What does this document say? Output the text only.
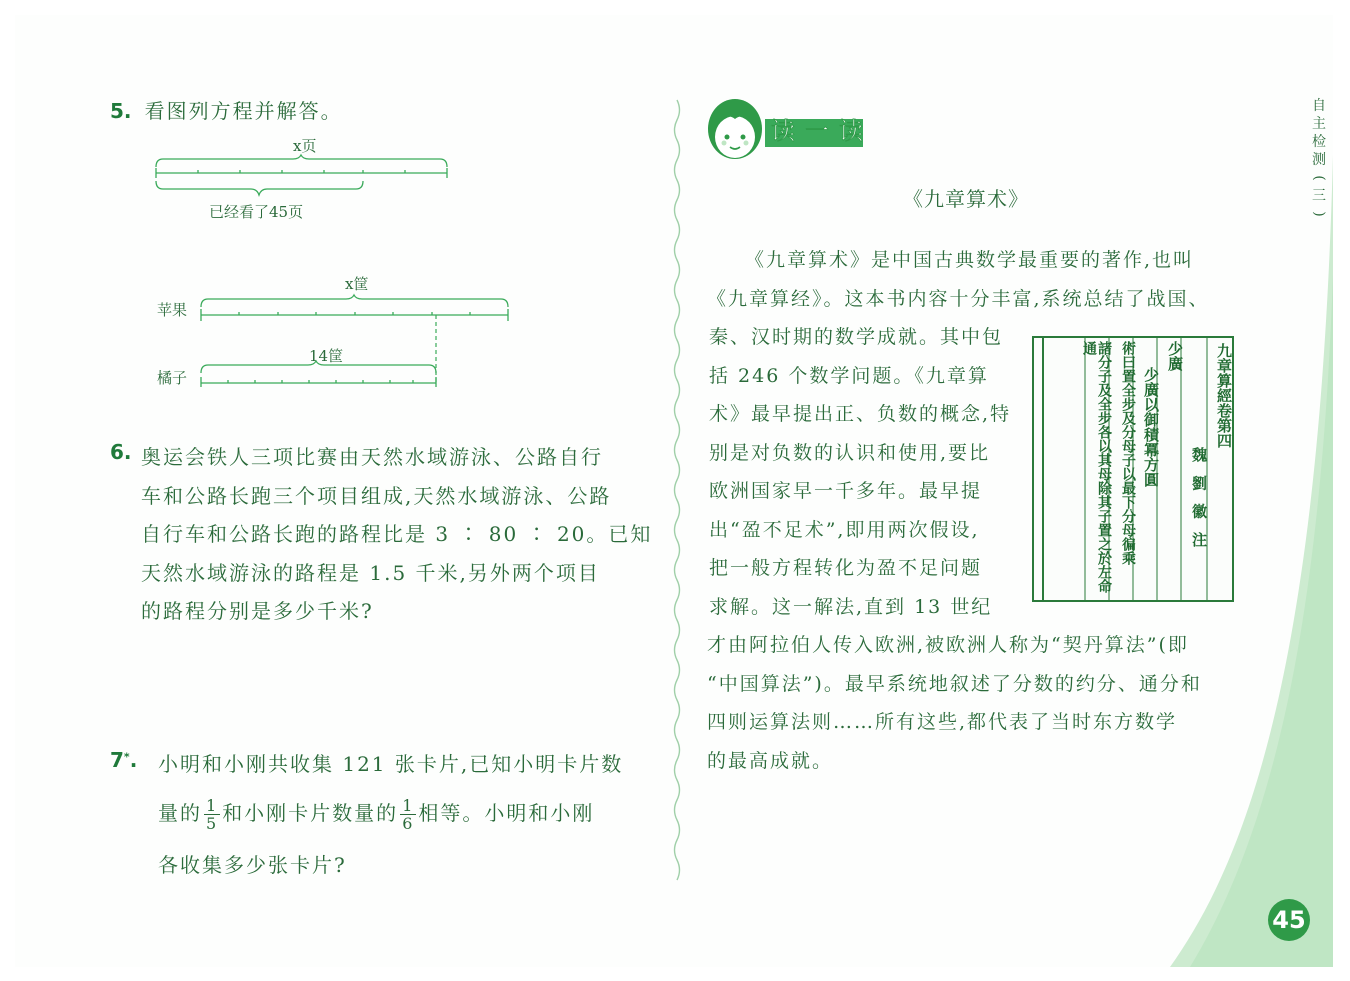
45
自
主
检
测
(
三
)
5. 看图列方程并解答。
x页
已经看了45页
x筐
苹果
14筐
橘子
6. 奥运会铁人三项比赛由天然水域游泳、公路自行
车和公路长跑三个项目组成,天然水域游泳、公路
自行车和公路长跑的路程比是 3 ∶ 80 ∶ 20。已知
天然水域游泳的路程是 1.5 千米,另外两个项目
的路程分别是多少千米?
7*. 小明和小刚共收集 121 张卡片,已知小明卡片数
量的 $\frac{1}{5}$ 和小刚卡片数量的 $\frac{1}{6}$ 相等。小明和小刚
各收集多少张卡片?
读一读
《九章算术》
《九章算术》是中国古典数学最重要的著作,也叫
《九章算经》。这本书内容十分丰富,系统总结了战国、
秦、汉时期的数学成就。其中包
括 246 个数学问题。《九章算
术》最早提出正、负数的概念,特
别是对负数的认识和使用,要比
欧洲国家早一千多年。最早提
出“盈不足术”,即用两次假设,
把一般方程转化为盈不足问题
求解。这一解法,直到 13 世纪
才由阿拉伯人传入欧洲,被欧洲人称为“契丹算法”(即
“中国算法”)。最早系统地叙述了分数的约分、通分和
四则运算法则……所有这些,都代表了当时东方数学
的最高成就。
九章算經卷第四
魏 劉 徽 注
少廣
少廣以御積冪方圓
術曰置全步及分母子以最下分母徧乘
諸分子及全步各以其母除其子置之於左命通
